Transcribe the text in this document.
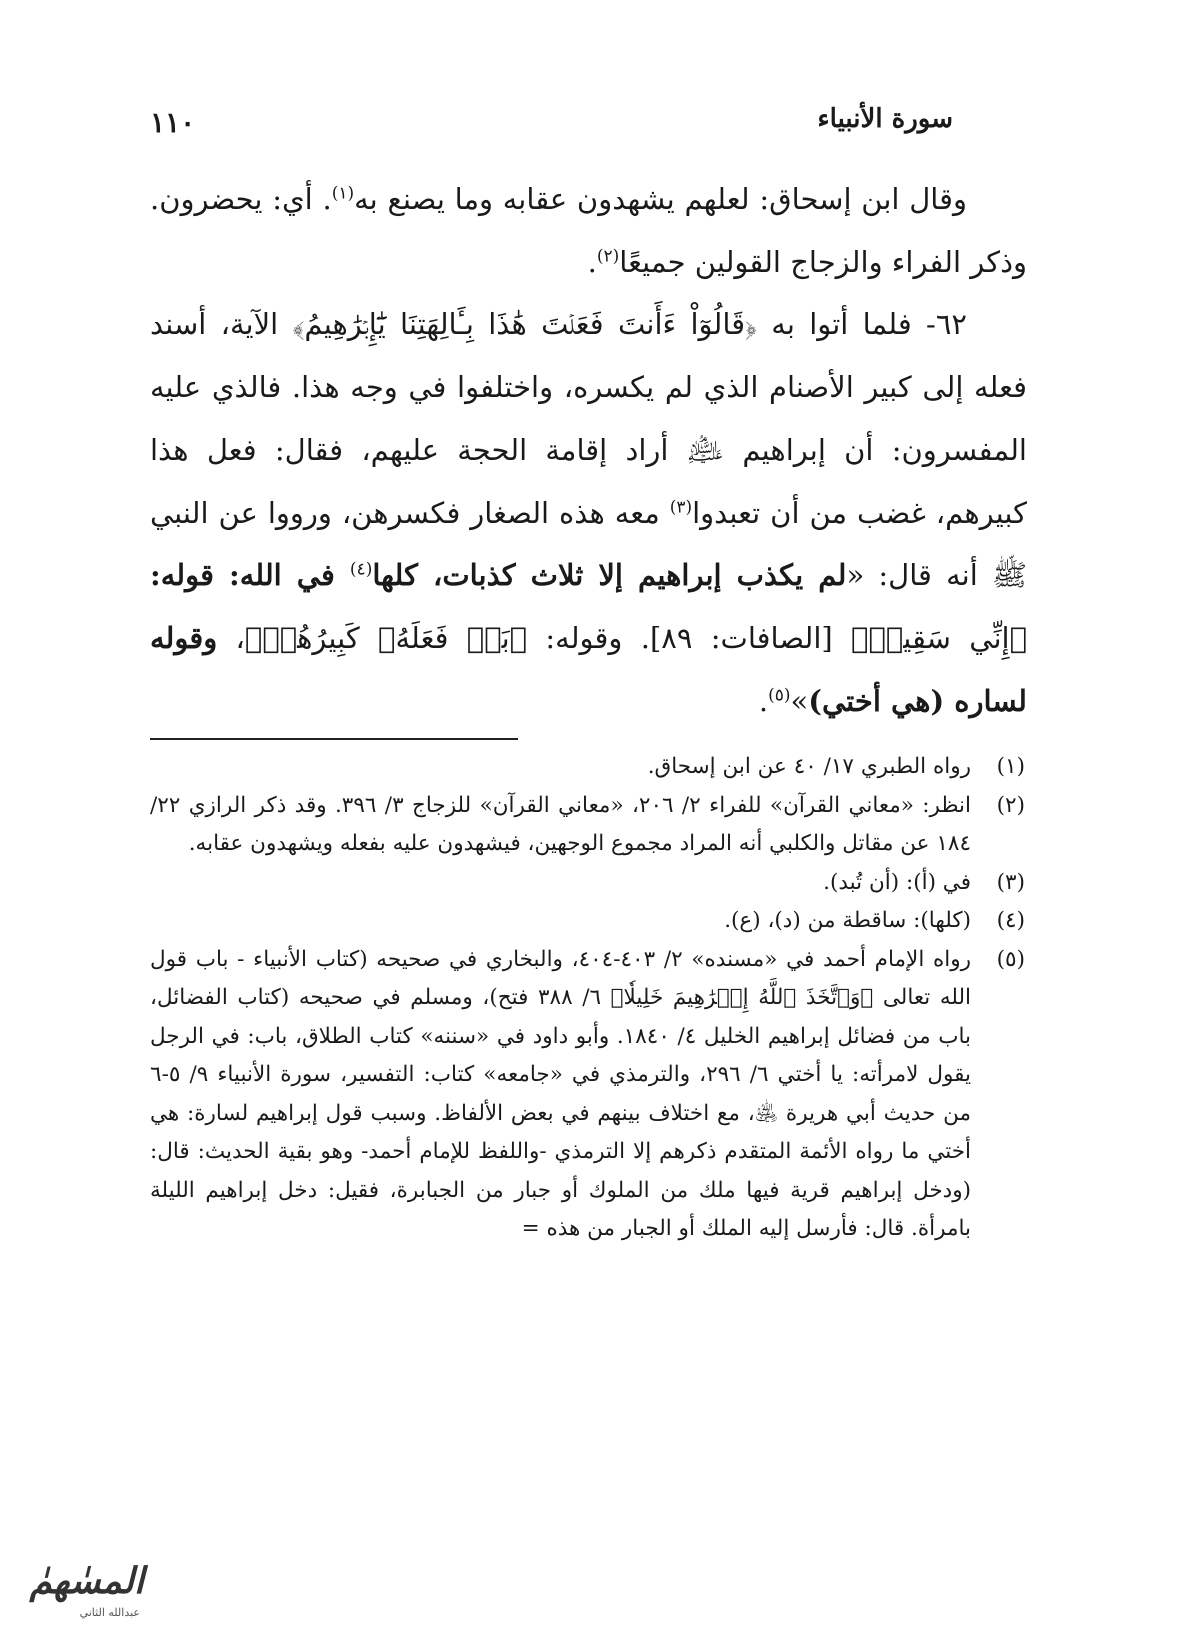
سورة الأنبياء
١١٠

وقال ابن إسحاق: لعلهم يشهدون عقابه وما يصنع به$^{(١)}$. أي: يحضرون. وذكر الفراء والزجاج القولين جميعًا$^{(٢)}$.

٦٢- فلما أتوا به ﴿قَالُوٓاْ ءَأَنتَ فَعَلۡتَ هَٰذَا بِـَٔالِهَتِنَا يَٰٓإِبۡرَٰهِيمُ﴾ الآية، أسند فعله إلى كبير الأصنام الذي لم يكسره، واختلفوا في وجه هذا. فالذي عليه المفسرون: أن إبراهيم ﵇ أراد إقامة الحجة عليهم، فقال: فعل هذا كبيرهم، غضب من أن تعبدوا$^{(٣)}$ معه هذه الصغار فكسرهن، ورووا عن النبي ﷺ أنه قال: «لم يكذب إبراهيم إلا ثلاث كذبات، كلها$^{(٤)}$ في الله: قوله: ﴿إِنِّي سَقِيمٞ﴾ [الصافات: ٨٩]. وقوله: ﴿بَلۡ فَعَلَهُۥ كَبِيرُهُمۡ﴾، وقوله لساره (هي أختي)»$^{(٥)}$.

(١)
رواه الطبري ١٧/ ٤٠ عن ابن إسحاق.
(٢)
انظر: «معاني القرآن» للفراء ٢/ ٢٠٦، «معاني القرآن» للزجاج ٣/ ٣٩٦. وقد ذكر الرازي ٢٢/ ١٨٤ عن مقاتل والكلبي أنه المراد مجموع الوجهين، فيشهدون عليه بفعله ويشهدون عقابه.
(٣)
في (أ): (أن تُبد).
(٤)
(كلها): ساقطة من (د)، (ع).
(٥)
رواه الإمام أحمد في «مسنده» ٢/ ٤٠٣-٤٠٤، والبخاري في صحيحه (كتاب الأنبياء - باب قول الله تعالى ﴿وَٱتَّخَذَ ٱللَّهُ إِبۡرَٰهِيمَ خَلِيلٗا﴾ ٦/ ٣٨٨ فتح)، ومسلم في صحيحه (كتاب الفضائل، باب من فضائل إبراهيم الخليل ٤/ ١٨٤٠. وأبو داود في «سننه» كتاب الطلاق، باب: في الرجل يقول لامرأته: يا أختي ٦/ ٢٩٦، والترمذي في «جامعه» كتاب: التفسير، سورة الأنبياء ٩/ ٥-٦ من حديث أبي هريرة ﵁، مع اختلاف بينهم في بعض الألفاظ. وسبب قول إبراهيم لسارة: هي أختي ما رواه الأئمة المتقدم ذكرهم إلا الترمذي -واللفظ للإمام أحمد- وهو بقية الحديث: قال: (ودخل إبراهيم قرية فيها ملك من الملوك أو جبار من الجبابرة، فقيل: دخل إبراهيم الليلة بامرأة. قال: فأرسل إليه الملك أو الجبار من هذه =
المسٰهمٰ
عبدالله الثاني
